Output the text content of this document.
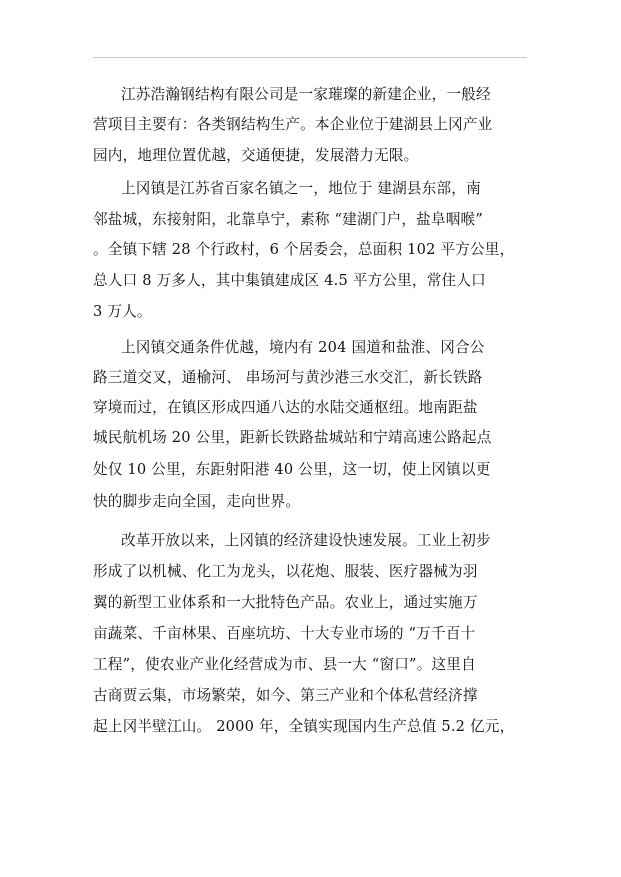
江苏浩瀚钢结构有限公司是一家璀璨的新建企业，一般经
营项目主要有：各类钢结构生产。本企业位于建湖县上冈产业
园内，地理位置优越，交通便捷，发展潜力无限。
上冈镇是江苏省百家名镇之一，地位于 建湖县东部，南
邻盐城，东接射阳，北靠阜宁，素称 “建湖门户，盐阜咽喉”
。全镇下辖 28 个行政村，6 个居委会，总面积 102 平方公里，
总人口 8 万多人，其中集镇建成区 4.5 平方公里，常住人口
3 万人。
上冈镇交通条件优越，境内有 204 国道和盐淮、冈合公
路三道交叉，通榆河、 串场河与黄沙港三水交汇，新长铁路
穿境而过，在镇区形成四通八达的水陆交通枢纽。地南距盐
城民航机场 20 公里，距新长铁路盐城站和宁靖高速公路起点
处仅 10 公里，东距射阳港 40 公里，这一切，使上冈镇以更
快的脚步走向全国，走向世界。
改革开放以来，上冈镇的经济建设快速发展。工业上初步
形成了以机械、化工为龙头，以花炮、服装、医疗器械为羽
翼的新型工业体系和一大批特色产品。农业上，通过实施万
亩蔬菜、千亩林果、百座坑坊、十大专业市场的 “万千百十
工程”，使农业产业化经营成为市、县一大 “窗口”。这里自
古商贾云集，市场繁荣，如今、第三产业和个体私营经济撑
起上冈半壁江山。 2000 年，全镇实现国内生产总值 5.2 亿元，
